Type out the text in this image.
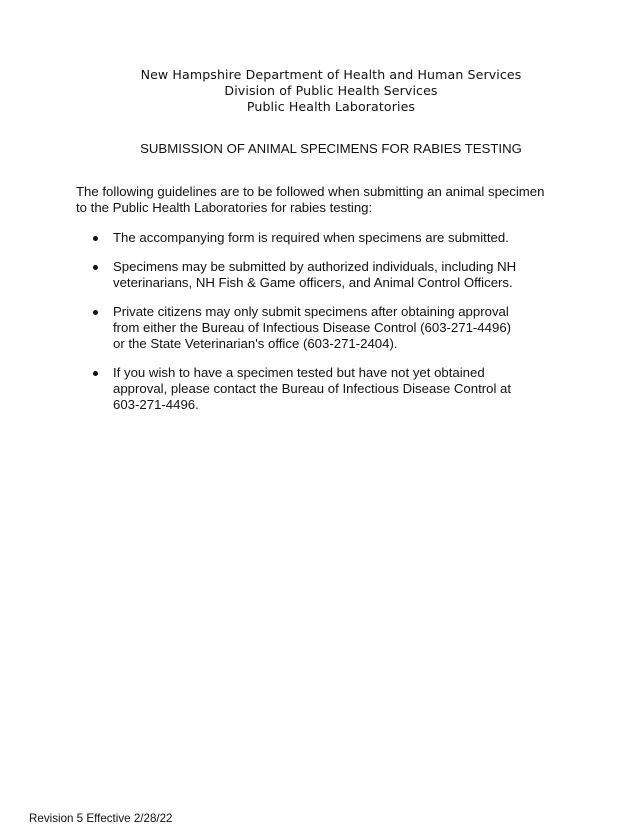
New Hampshire Department of Health and Human Services
Division of Public Health Services
Public Health Laboratories
SUBMISSION OF ANIMAL SPECIMENS FOR RABIES TESTING
The following guidelines are to be followed when submitting an animal specimen
to the Public Health Laboratories for rabies testing:
The accompanying form is required when specimens are submitted.
Specimens may be submitted by authorized individuals, including NH
veterinarians, NH Fish & Game officers, and Animal Control Officers.
Private citizens may only submit specimens after obtaining approval
from either the Bureau of Infectious Disease Control (603-271-4496)
or the State Veterinarian's office (603-271-2404).
If you wish to have a specimen tested but have not yet obtained
approval, please contact the Bureau of Infectious Disease Control at
603-271-4496.
Revision 5 Effective 2/28/22
